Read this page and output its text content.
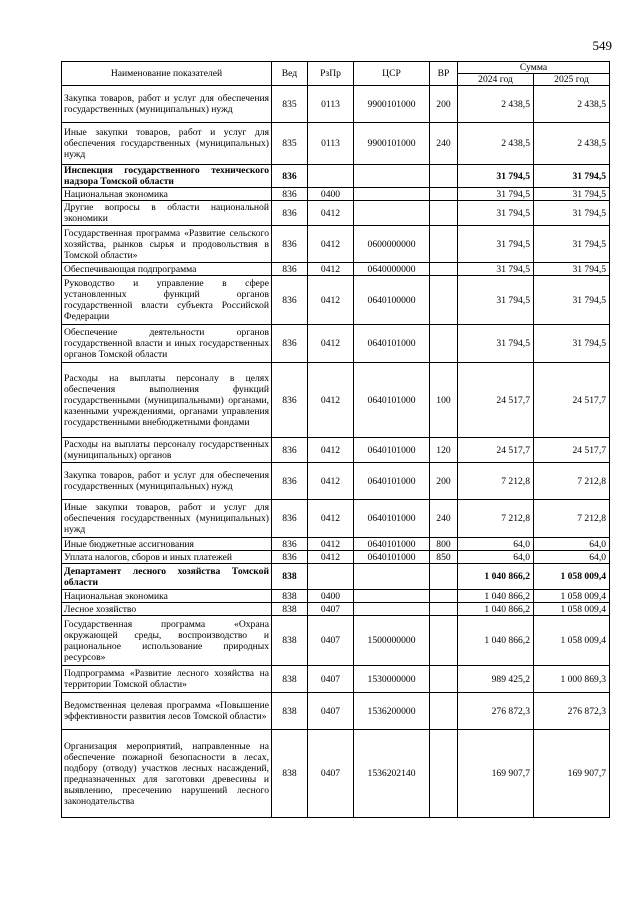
549
Наименование показателей	Вед	РзПр	ЦСР	ВР	Сумма	
					2024 год	2025 год
Закупка товаров, работ и услуг для обеспечения государственных (муниципальных) нужд	835	0113	9900101000	200	2 438,5	2 438,5
Иные закупки товаров, работ и услуг для обеспечения государственных (муниципальных) нужд	835	0113	9900101000	240	2 438,5	2 438,5
Инспекция государственного технического надзора Томской области	836				31 794,5	31 794,5
Национальная экономика	836	0400			31 794,5	31 794,5
Другие вопросы в области национальной экономики	836	0412			31 794,5	31 794,5
Государственная программа «Развитие сельского хозяйства, рынков сырья и продовольствия в Томской области»	836	0412	0600000000		31 794,5	31 794,5
Обеспечивающая подпрограмма	836	0412	0640000000		31 794,5	31 794,5
Руководство и управление в сфере установленных функций органов государственной власти субъекта Российской Федерации	836	0412	0640100000		31 794,5	31 794,5
Обеспечение деятельности органов государственной власти и иных государственных органов Томской области	836	0412	0640101000		31 794,5	31 794,5
Расходы на выплаты персоналу в целях обеспечения выполнения функций государственными (муниципальными) органами, казенными учреждениями, органами управления государственными внебюджетными фондами	836	0412	0640101000	100	24 517,7	24 517,7
Расходы на выплаты персоналу государственных (муниципальных) органов	836	0412	0640101000	120	24 517,7	24 517,7
Закупка товаров, работ и услуг для обеспечения государственных (муниципальных) нужд	836	0412	0640101000	200	7 212,8	7 212,8
Иные закупки товаров, работ и услуг для обеспечения государственных (муниципальных) нужд	836	0412	0640101000	240	7 212,8	7 212,8
Иные бюджетные ассигнования	836	0412	0640101000	800	64,0	64,0
Уплата налогов, сборов и иных платежей	836	0412	0640101000	850	64,0	64,0
Департамент лесного хозяйства Томской области	838				1 040 866,2	1 058 009,4
Национальная экономика	838	0400			1 040 866,2	1 058 009,4
Лесное хозяйство	838	0407			1 040 866,2	1 058 009,4
Государственная программа «Охрана окружающей среды, воспроизводство и рациональное использование природных ресурсов»	838	0407	1500000000		1 040 866,2	1 058 009,4
Подпрограмма «Развитие лесного хозяйства на территории Томской области»	838	0407	1530000000		989 425,2	1 000 869,3
Ведомственная целевая программа «Повышение эффективности развития лесов Томской области»	838	0407	1536200000		276 872,3	276 872,3
Организация мероприятий, направленные на обеспечение пожарной безопасности в лесах, подбору (отводу) участков лесных насаждений, предназначенных для заготовки древесины и выявлению, пресечению нарушений лесного законодательства	838	0407	1536202140		169 907,7	169 907,7
